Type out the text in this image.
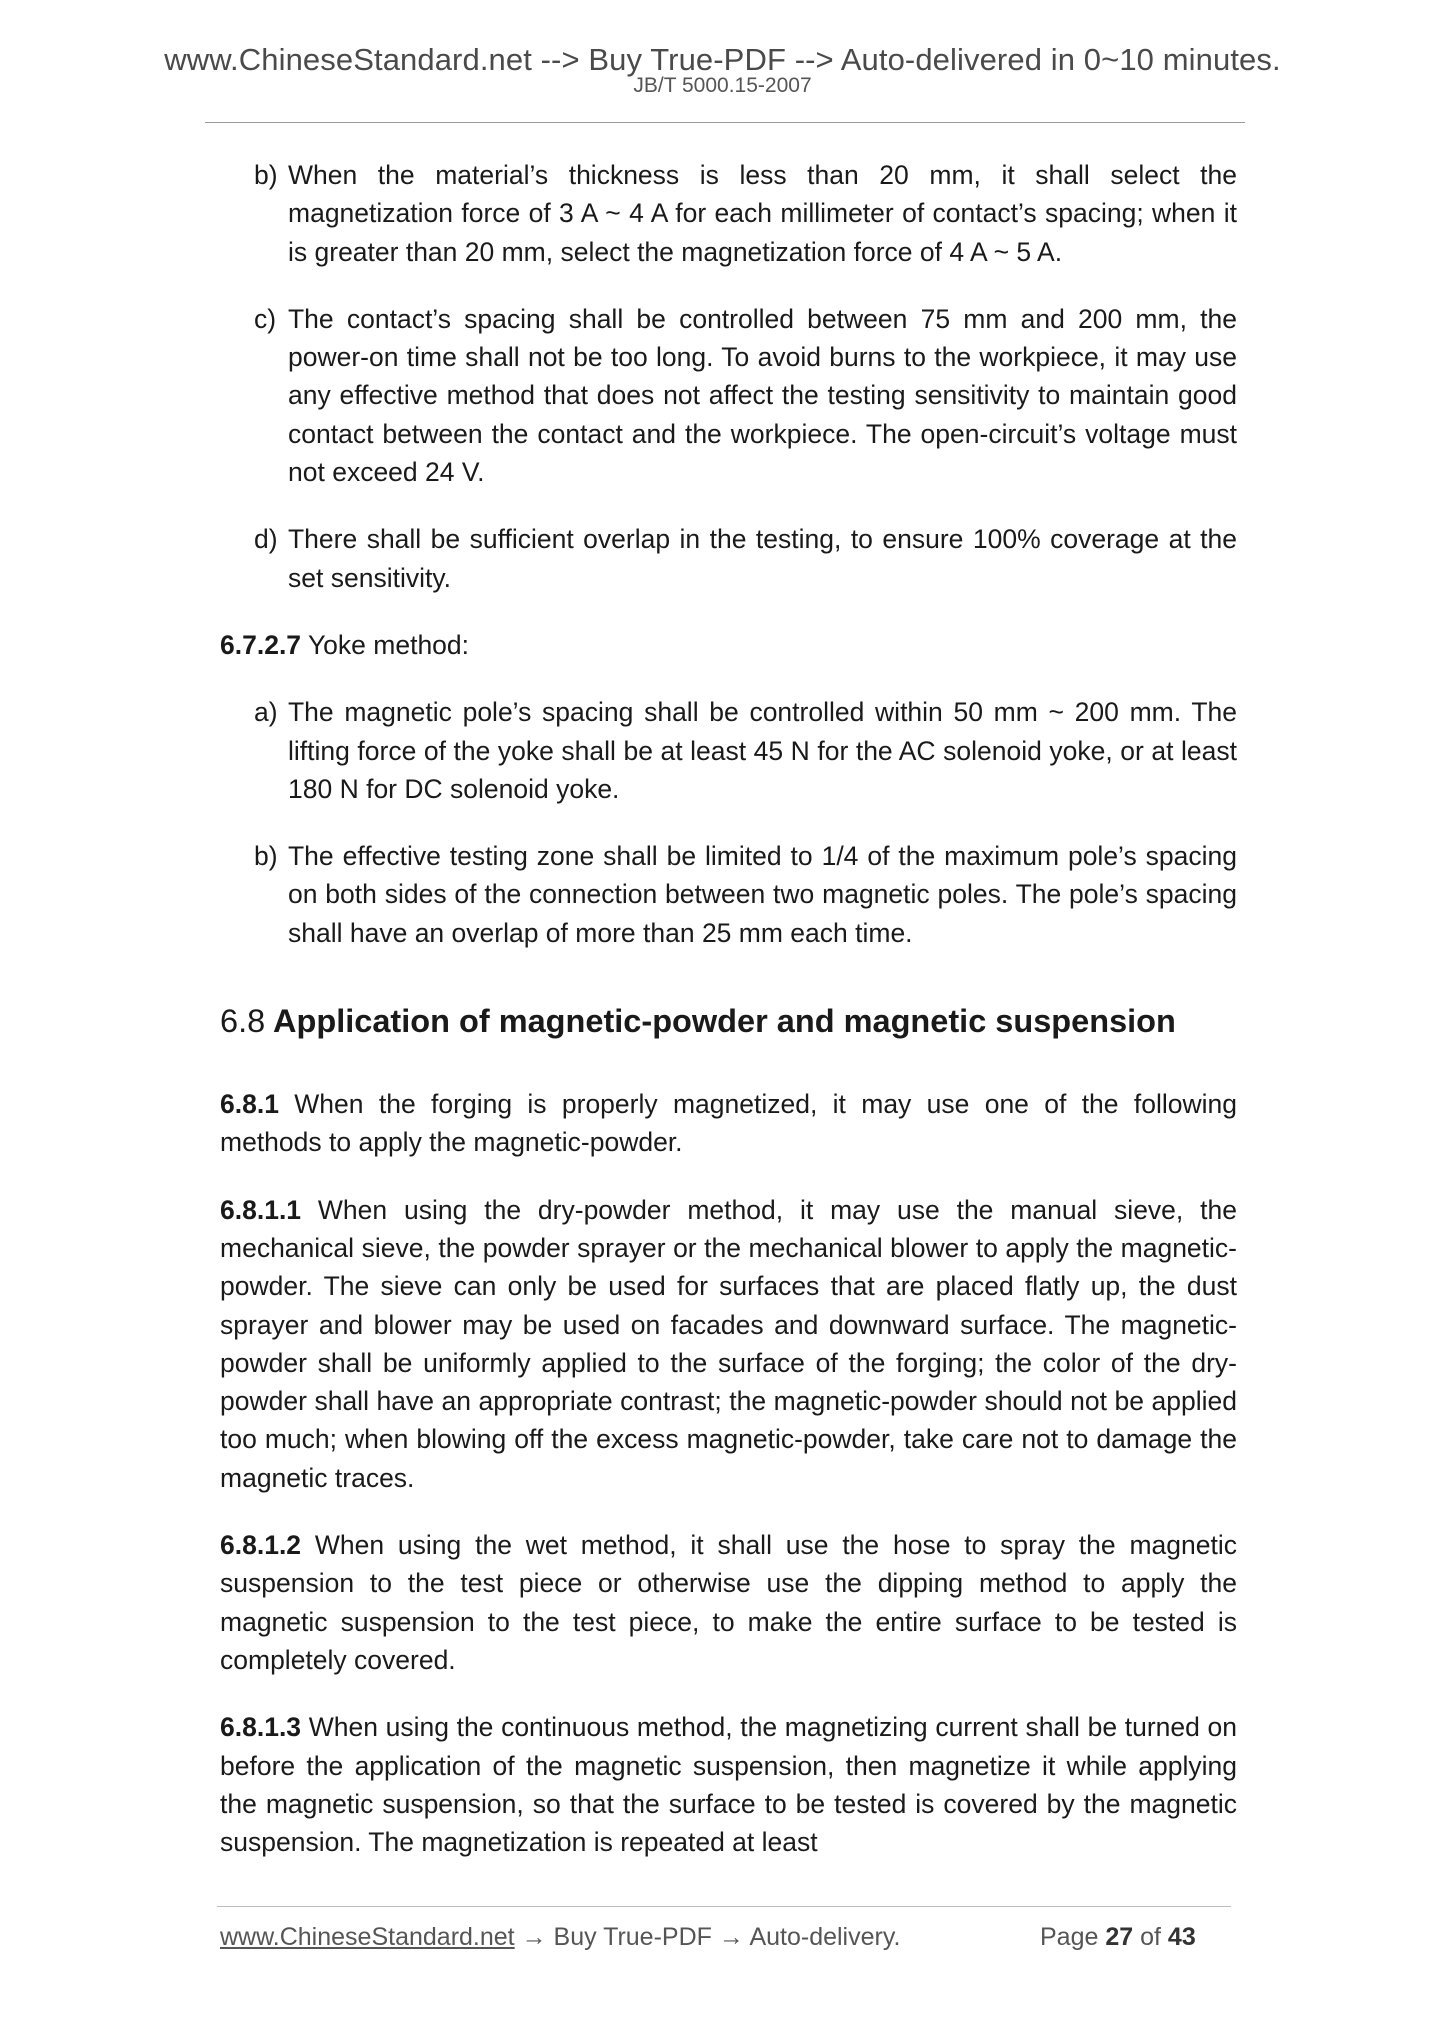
www.ChineseStandard.net --> Buy True-PDF --> Auto-delivered in 0~10 minutes.
JB/T 5000.15-2007
b) When the material’s thickness is less than 20 mm, it shall select the magnetization force of 3 A ~ 4 A for each millimeter of contact’s spacing; when it is greater than 20 mm, select the magnetization force of 4 A ~ 5 A.
c) The contact’s spacing shall be controlled between 75 mm and 200 mm, the power-on time shall not be too long. To avoid burns to the workpiece, it may use any effective method that does not affect the testing sensitivity to maintain good contact between the contact and the workpiece. The open-circuit’s voltage must not exceed 24 V.
d) There shall be sufficient overlap in the testing, to ensure 100% coverage at the set sensitivity.

6.7.2.7 Yoke method:

a) The magnetic pole’s spacing shall be controlled within 50 mm ~ 200 mm. The lifting force of the yoke shall be at least 45 N for the AC solenoid yoke, or at least 180 N for DC solenoid yoke.
b) The effective testing zone shall be limited to 1/4 of the maximum pole’s spacing on both sides of the connection between two magnetic poles. The pole’s spacing shall have an overlap of more than 25 mm each time.
6.8 Application of magnetic-powder and magnetic suspension

6.8.1 When the forging is properly magnetized, it may use one of the following methods to apply the magnetic-powder.

6.8.1.1 When using the dry-powder method, it may use the manual sieve, the mechanical sieve, the powder sprayer or the mechanical blower to apply the magnetic-powder. The sieve can only be used for surfaces that are placed flatly up, the dust sprayer and blower may be used on facades and downward surface. The magnetic-powder shall be uniformly applied to the surface of the forging; the color of the dry-powder shall have an appropriate contrast; the magnetic-powder should not be applied too much; when blowing off the excess magnetic-powder, take care not to damage the magnetic traces.

6.8.1.2 When using the wet method, it shall use the hose to spray the magnetic suspension to the test piece or otherwise use the dipping method to apply the magnetic suspension to the test piece, to make the entire surface to be tested is completely covered.

6.8.1.3 When using the continuous method, the magnetizing current shall be turned on before the application of the magnetic suspension, then magnetize it while applying the magnetic suspension, so that the surface to be tested is covered by the magnetic suspension. The magnetization is repeated at least

www.ChineseStandard.net → Buy True-PDF → Auto-delivery.	Page 27 of 43
